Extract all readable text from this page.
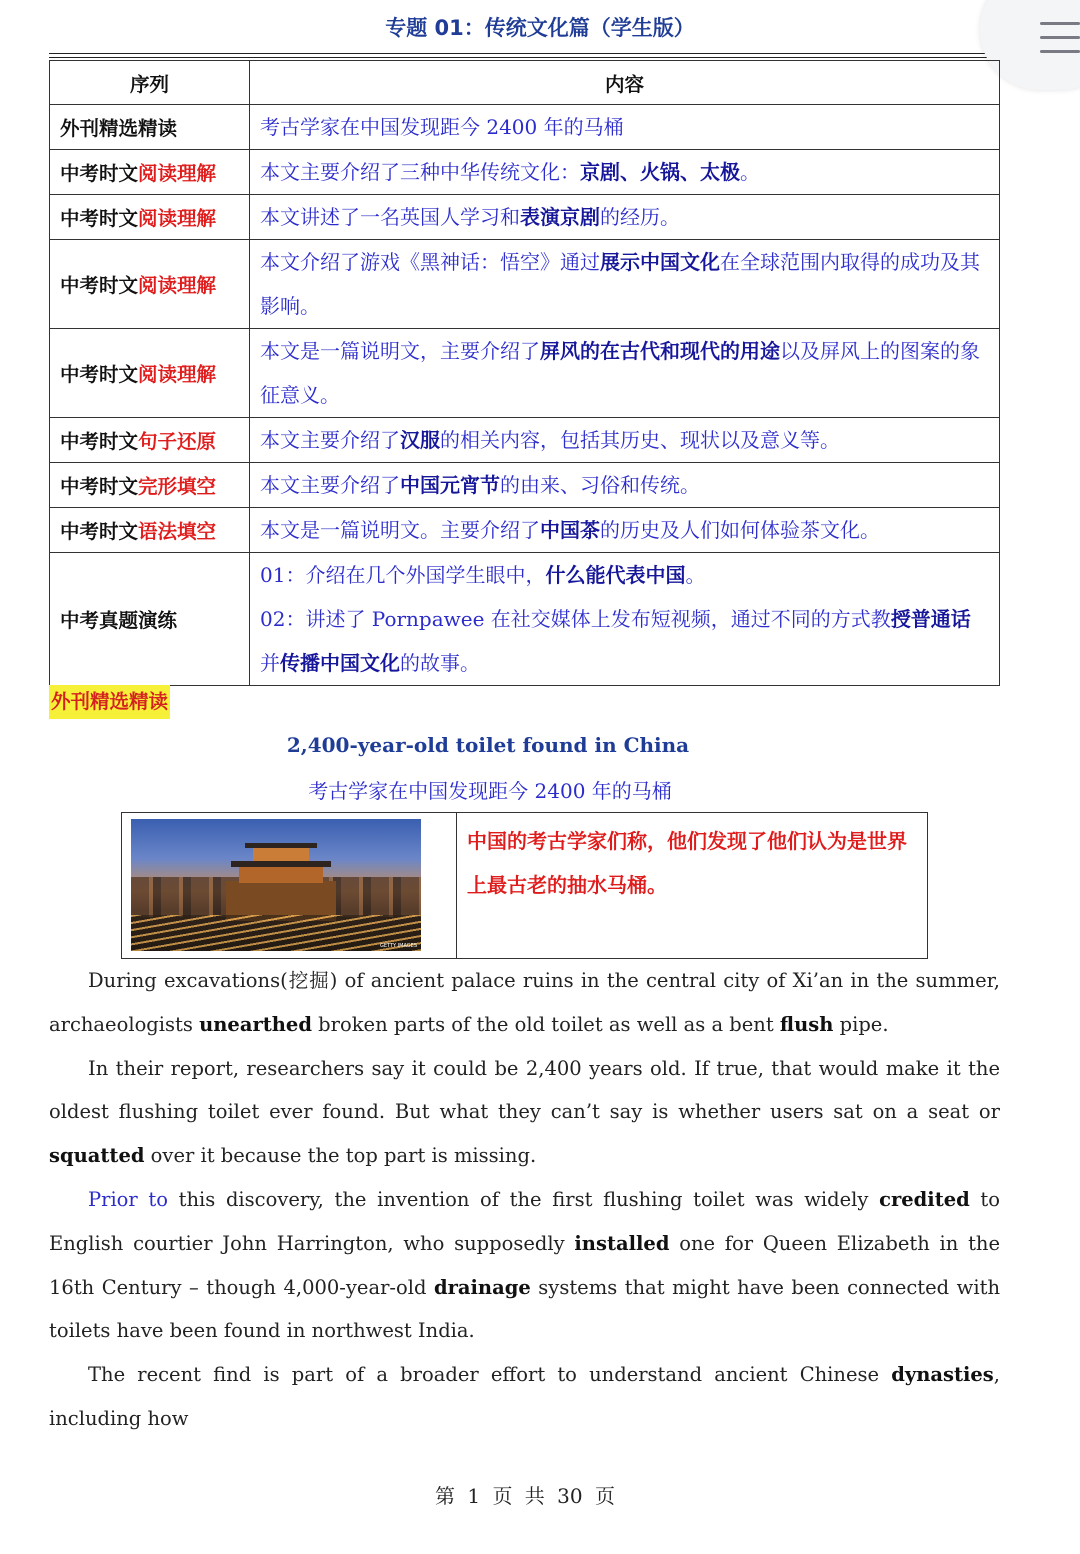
专题 01：传统文化篇（学生版）
序列	内容
外刊精选精读	考古学家在中国发现距今 2400 年的马桶
中考时文阅读理解	本文主要介绍了三种中华传统文化：京剧、火锅、太极。
中考时文阅读理解	本文讲述了一名英国人学习和表演京剧的经历。
中考时文阅读理解	本文介绍了游戏《黑神话：悟空》通过展示中国文化在全球范围内取得的成功及其影响。
中考时文阅读理解	本文是一篇说明文，主要介绍了屏风的在古代和现代的用途以及屏风上的图案的象征意义。
中考时文句子还原	本文主要介绍了汉服的相关内容，包括其历史、现状以及意义等。
中考时文完形填空	本文主要介绍了中国元宵节的由来、习俗和传统。
中考时文语法填空	本文是一篇说明文。主要介绍了中国茶的历史及人们如何体验茶文化。
中考真题演练	01：介绍在几个外国学生眼中，什么能代表中国。
02：讲述了 Pornpawee 在社交媒体上发布短视频，通过不同的方式教授普通话并传播中国文化的故事。
外刊精选精读
2,400-year-old toilet found in China
考古学家在中国发现距今 2400 年的马桶
GETTY IMAGES
中国的考古学家们称，他们发现了他们认为是世界上最古老的抽水马桶。

During excavations(挖掘) of ancient palace ruins in the central city of Xi’an in the summer, archaeologists unearthed broken parts of the old toilet as well as a bent flush pipe.

In their report, researchers say it could be 2,400 years old. If true, that would make it the oldest flushing toilet ever found. But what they can’t say is whether users sat on a seat or squatted over it because the top part is missing.

Prior to this discovery, the invention of the first flushing toilet was widely credited to English courtier John Harrington, who supposedly installed one for Queen Elizabeth in the 16th Century – though 4,000-year-old drainage systems that might have been connected with toilets have been found in northwest India.

The recent find is part of a broader effort to understand ancient Chinese dynasties, including how

第 1 页 共 30 页
